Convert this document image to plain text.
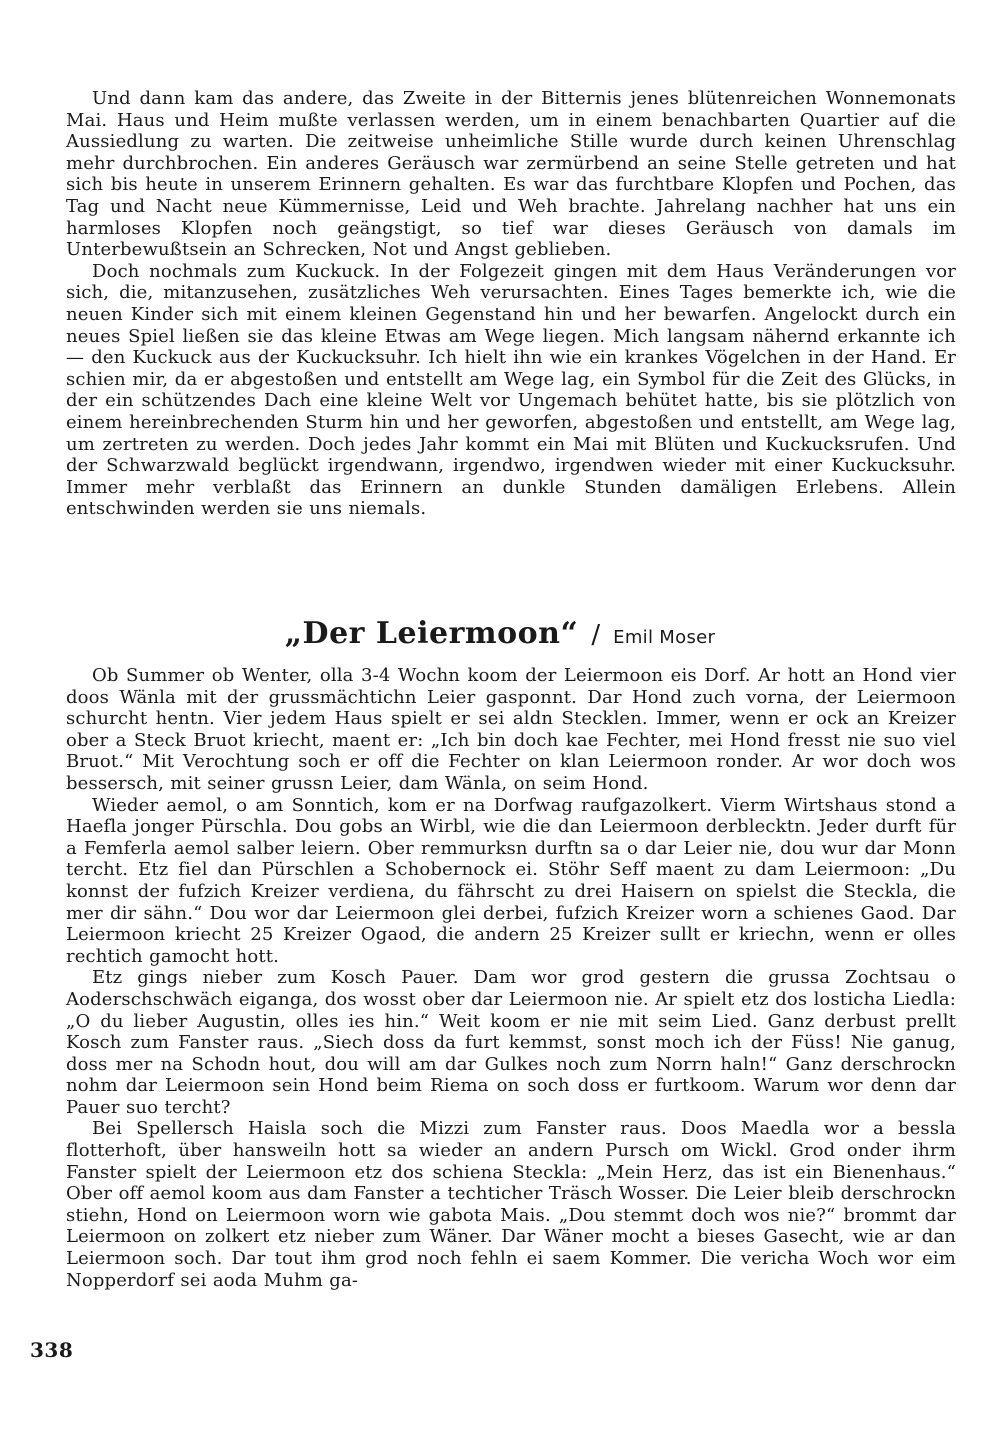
Und dann kam das andere, das Zweite in der Bitternis jenes blütenreichen Wonnemonats Mai. Haus und Heim mußte verlassen werden, um in einem benachbarten Quartier auf die Aussiedlung zu warten. Die zeitweise unheimliche Stille wurde durch keinen Uhrenschlag mehr durchbrochen. Ein anderes Geräusch war zermürbend an seine Stelle getreten und hat sich bis heute in unserem Erinnern gehalten. Es war das furchtbare Klopfen und Pochen, das Tag und Nacht neue Kümmernisse, Leid und Weh brachte. Jahrelang nachher hat uns ein harmloses Klopfen noch geängstigt, so tief war dieses Geräusch von damals im Unterbewußtsein an Schrecken, Not und Angst geblieben.

Doch nochmals zum Kuckuck. In der Folgezeit gingen mit dem Haus Veränderungen vor sich, die, mitanzusehen, zusätzliches Weh verursachten. Eines Tages bemerkte ich, wie die neuen Kinder sich mit einem kleinen Gegenstand hin und her bewarfen. Angelockt durch ein neues Spiel ließen sie das kleine Etwas am Wege liegen. Mich langsam nähernd erkannte ich — den Kuckuck aus der Kuckucksuhr. Ich hielt ihn wie ein krankes Vögelchen in der Hand. Er schien mir, da er abgestoßen und entstellt am Wege lag, ein Symbol für die Zeit des Glücks, in der ein schützendes Dach eine kleine Welt vor Ungemach behütet hatte, bis sie plötzlich von einem hereinbrechenden Sturm hin und her geworfen, abgestoßen und entstellt, am Wege lag, um zertreten zu werden. Doch jedes Jahr kommt ein Mai mit Blüten und Kuckucksrufen. Und der Schwarzwald beglückt irgendwann, irgendwo, irgendwen wieder mit einer Kuckucksuhr. Immer mehr verblaßt das Erinnern an dunkle Stunden damäligen Erlebens. Allein entschwinden werden sie uns niemals.

„Der Leiermoon“ / Emil Moser

Ob Summer ob Wenter, olla 3-4 Wochn koom der Leiermoon eis Dorf. Ar hott an Hond vier doos Wänla mit der grussmächtichn Leier gasponnt. Dar Hond zuch vorna, der Leiermoon schurcht hentn. Vier jedem Haus spielt er sei aldn Stecklen. Immer, wenn er ock an Kreizer ober a Steck Bruot kriecht, maent er: „Ich bin doch kae Fechter, mei Hond fresst nie suo viel Bruot.“ Mit Verochtung soch er off die Fechter on klan Leiermoon ronder. Ar wor doch wos bessersch, mit seiner grussn Leier, dam Wänla, on seim Hond.

Wieder aemol, o am Sonntich, kom er na Dorfwag raufgazolkert. Vierm Wirtshaus stond a Haefla jonger Pürschla. Dou gobs an Wirbl, wie die dan Leiermoon derblecktn. Jeder durft für a Femferla aemol salber leiern. Ober remmurksn durftn sa o dar Leier nie, dou wur dar Monn tercht. Etz fiel dan Pürschlen a Schobernock ei. Stöhr Seff maent zu dam Leiermoon: „Du konnst der fufzich Kreizer verdiena, du fährscht zu drei Haisern on spielst die Steckla, die mer dir sähn.“ Dou wor dar Leiermoon glei derbei, fufzich Kreizer worn a schienes Gaod. Dar Leiermoon kriecht 25 Kreizer Ogaod, die andern 25 Kreizer sullt er kriechn, wenn er olles rechtich gamocht hott.

Etz gings nieber zum Kosch Pauer. Dam wor grod gestern die grussa Zochtsau o Aoderschschwäch eiganga, dos wosst ober dar Leiermoon nie. Ar spielt etz dos losticha Liedla: „O du lieber Augustin, olles ies hin.“ Weit koom er nie mit seim Lied. Ganz derbust prellt Kosch zum Fanster raus. „Siech doss da furt kemmst, sonst moch ich der Füss! Nie ganug, doss mer na Schodn hout, dou will am dar Gulkes noch zum Norrn haln!“ Ganz derschrockn nohm dar Leiermoon sein Hond beim Riema on soch doss er furtkoom. Warum wor denn dar Pauer suo tercht?

Bei Spellersch Haisla soch die Mizzi zum Fanster raus. Doos Maedla wor a bessla flotterhoft, über hansweiln hott sa wieder an andern Pursch om Wickl. Grod onder ihrm Fanster spielt der Leiermoon etz dos schiena Steckla: „Mein Herz, das ist ein Bienenhaus.“ Ober off aemol koom aus dam Fanster a techticher Träsch Wosser. Die Leier bleib derschrockn stiehn, Hond on Leiermoon worn wie gabota Mais. „Dou stemmt doch wos nie?“ brommt dar Leiermoon on zolkert etz nieber zum Wäner. Dar Wäner mocht a bieses Gasecht, wie ar dan Leiermoon soch. Dar tout ihm grod noch fehln ei saem Kommer. Die vericha Woch wor eim Nopperdorf sei aoda Muhm ga-

338
